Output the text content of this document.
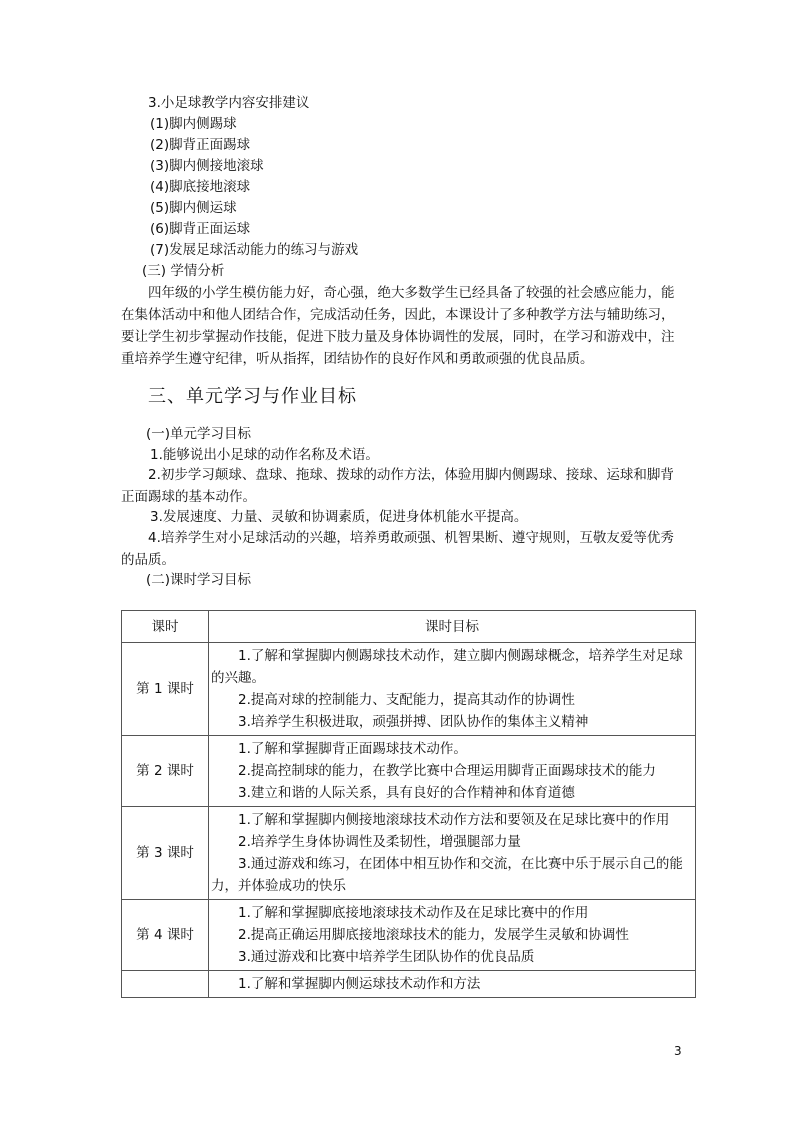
3.小足球教学内容安排建议
(1)脚内侧踢球
(2)脚背正面踢球
(3)脚内侧接地滚球
(4)脚底接地滚球
(5)脚内侧运球
(6)脚背正面运球
(7)发展足球活动能力的练习与游戏
(三) 学情分析
四年级的小学生模仿能力好，奇心强，绝大多数学生已经具备了较强的社会感应能力，能在集体活动中和他人团结合作，完成活动任务，因此，本课设计了多种教学方法与辅助练习，要让学生初步掌握动作技能，促进下肢力量及身体协调性的发展，同时，在学习和游戏中，注重培养学生遵守纪律，听从指挥，团结协作的良好作风和勇敢顽强的优良品质。
三、单元学习与作业目标
(一)单元学习目标
1.能够说出小足球的动作名称及术语。
2.初步学习颠球、盘球、拖球、拨球的动作方法，体验用脚内侧踢球、接球、运球和脚背正面踢球的基本动作。
3.发展速度、力量、灵敏和协调素质，促进身体机能水平提高。
4.培养学生对小足球活动的兴趣，培养勇敢顽强、机智果断、遵守规则，互敬友爱等优秀的品质。
(二)课时学习目标
课时	课时目标
第 1 课时	1.了解和掌握脚内侧踢球技术动作，建立脚内侧踢球概念，培养学生对足球的兴趣。
2.提高对球的控制能力、支配能力，提高其动作的协调性
3.培养学生积极进取，顽强拼搏、团队协作的集体主义精神

第 2 课时	1.了解和掌握脚背正面踢球技术动作。
2.提高控制球的能力，在教学比赛中合理运用脚背正面踢球技术的能力
3.建立和谐的人际关系，具有良好的合作精神和体育道德

第 3 课时	1.了解和掌握脚内侧接地滚球技术动作方法和要领及在足球比赛中的作用
2.培养学生身体协调性及柔韧性，增强腿部力量
3.通过游戏和练习，在团体中相互协作和交流，在比赛中乐于展示自己的能力，并体验成功的快乐

第 4 课时	1.了解和掌握脚底接地滚球技术动作及在足球比赛中的作用
2.提高正确运用脚底接地滚球技术的能力，发展学生灵敏和协调性
3.通过游戏和比赛中培养学生团队协作的优良品质

	1.了解和掌握脚内侧运球技术动作和方法
3
